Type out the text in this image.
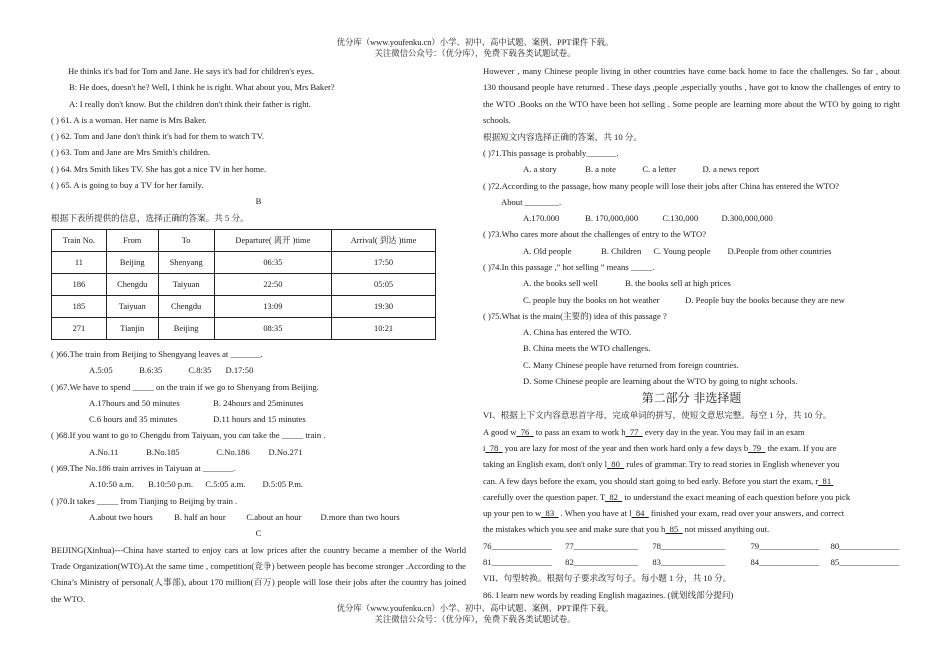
优分库（www.youfenku.cn）小学、初中、高中试题、案例、PPT课件下载。
关注微信公众号：（优分库），免费下载各类试题试卷。

He thinks it's bad for Tom and Jane. He says it's bad for children's eyes.

B: He does, doesn't he? Well, I think he is right. What about you, Mrs Baker?

A: I really don't know. But the children don't think their father is right.

( ) 61. A is a woman. Her name is Mrs Baker.

( ) 62. Tom and Jane don't think it's bad for them to watch TV.

( ) 63. Tom and Jane are Mrs Smith's children.

( ) 64. Mrs Smith likes TV. She has got a nice TV in her home.

( ) 65. A is going to buy a TV for her family.

B

根据下表所提供的信息，选择正确的答案。共 5 分。

Train No.	From	To	Departure( 离开 )time	Arrival( 到达 )time
11	Beijing	Shenyang	06:35	17:50
186	Chengdu	Taiyuan	22:50	05:05
185	Taiyuan	Chengdu	13:09	19:30
271	Tianjin	Beijing	08:35	10:21

( )66.The train from Beijing to Shengyang leaves at _______.

A.5:05	B.6:35	C.8:35 D.17:50

( )67.We have to spend _____ on the train if we go to Shenyang from Beijing.

A.17hours and 50 minutes	B. 24hours and 25minutes

C.6 hours and 35 minutes	D.11 hours and 15 minutes

( )68.If you want to go to Chengdu from Taiyuan, you can take the _____ train .

A.No.11	B.No.185	C.No.186 D.No.271

( )69.The No.186 train arrives in Taiyuan at _______.

A.10:50 a.m. B.10:50 p.m. C.5:05 a.m. D.5:05 P.m.

( )70.It takes _____ from Tianjing to Beijing by train .

A.about two hours B. half an hour C.about an hour D.more than two hours

C

BEIJING(Xinhua)---China have started to enjoy cars at low prices after the country became a member of the World Trade Organization(WTO).At the same time , competition(竞争) between people has become stronger .According to the China’s Ministry of personal(人事部), about 170 million(百万) people will lose their jobs after the country has joined the WTO.

However , many Chinese people living in other countries have come back home to face the challenges. So far , about 130 thousand people have returned . These days ,people ,especially youths , have got to know the challenges of entry to the WTO .Books on the WTO have been hot selling . Some people are learning more about the WTO by going to right schools.

根据短文内容选择正确的答案，共 10 分。

( )71.This passage is probably_______.

A. a story	B. a note	C. a letter	D. a news report

( )72.According to the passage, how many people will lose their jobs after China has entered the WTO?

About ________.

A.170.000	B. 170,000,000	C.130,000	D.300,000,000

( )73.Who cares more about the challenges of entry to the WTO?

A. Old people	B. Children C. Young people D.People from other countries

( )74.In this passage ,” hot selling ” means _____.

A. the books sell well	B. the books sell at high prices

C. people buy the books on hot weather	D. People buy the books because they are new

( )75.What is the main(主要的) idea of this passage ?

A. China has entered the WTO.

B. China meets the WTO challenges.

C. Many Chinese people have returned from foreign countries.

D. Some Chinese people are learning about the WTO by going to night schools.

第二部分 非选择题

VI、根据上下文内容意思首字母，完成单词的拼写，使短文意思完整。每空 1 分，共 10 分。

A good w 76   to pass an exam to work h 77   every day in the year. You may fail in an exam

i 78   you are lazy for most of the year and then work hard only a few days b 79   the exam. If you are

taking an English exam, don't only l 80   rules of grammar. Try to read stories in English whenever you

can. A few days before the exam, you should start going to bed early. Before you start the exam, r 81

carefully over the question paper. T 82   to understand the exact meaning of each question before you pick

up your pen to w 83   . When you have at l 84   finished your exam, read over your answers, and correct

the mistakes which you see and make sure that you h 85   not missed anything out.

76______________ 77_______________ 78_______________	79______________ 80______________
81______________ 82_______________ 83_______________	84______________ 85______________

VII、句型转换。根据句子要求改写句子。每小题 1 分，共 10 分。

86. I learn new words by reading English magazines. (就划线部分提问)

优分库（www.youfenku.cn）小学、初中、高中试题、案例、PPT课件下载。
关注微信公众号：（优分库），免费下载各类试题试卷。
